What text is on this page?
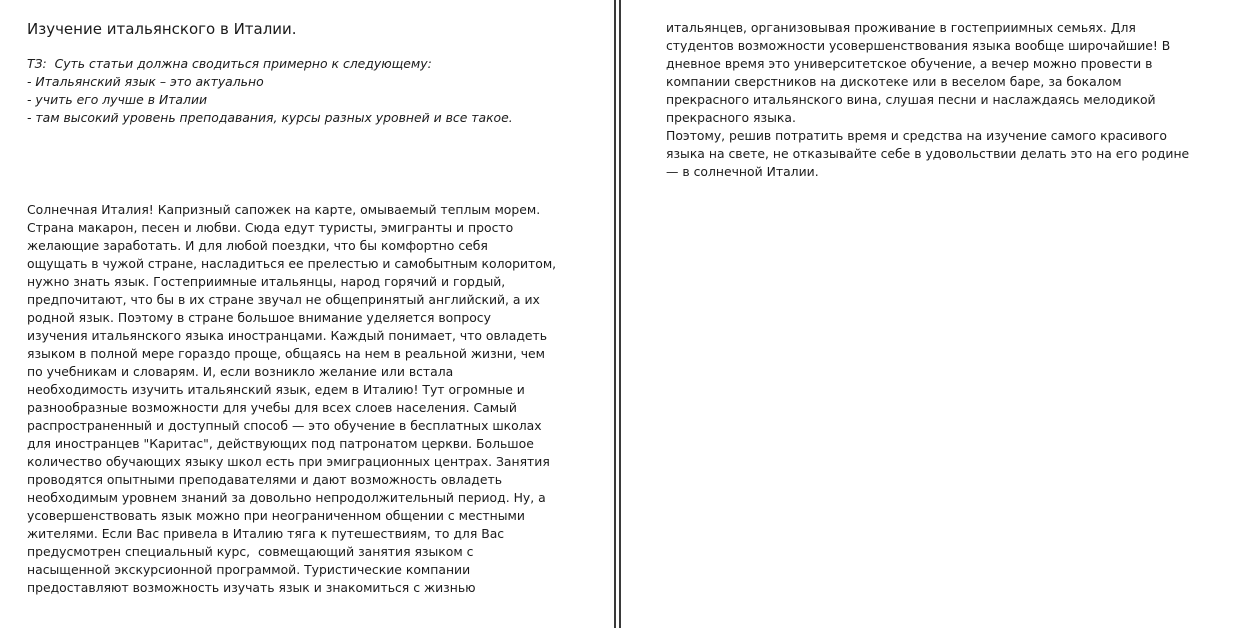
Изучение итальянского в Италии.
ТЗ:  Суть статьи должна сводиться примерно к следующему:
- Итальянский язык – это актуально
- учить его лучше в Италии
- там высокий уровень преподавания, курсы разных уровней и все такое.
Солнечная Италия! Капризный сапожек на карте, омываемый теплым морем.
Страна макарон, песен и любви. Сюда едут туристы, эмигранты и просто
желающие заработать. И для любой поездки, что бы комфортно себя
ощущать в чужой стране, насладиться ее прелестью и самобытным колоритом,
нужно знать язык. Гостеприимные итальянцы, народ горячий и гордый,
предпочитают, что бы в их стране звучал не общепринятый английский, а их
родной язык. Поэтому в стране большое внимание уделяется вопросу
изучения итальянского языка иностранцами. Каждый понимает, что овладеть
языком в полной мере гораздо проще, общаясь на нем в реальной жизни, чем
по учебникам и словарям. И, если возникло желание или встала
необходимость изучить итальянский язык, едем в Италию! Тут огромные и
разнообразные возможности для учебы для всех слоев населения. Самый
распространенный и доступный способ — это обучение в бесплатных школах
для иностранцев "Каритас", действующих под патронатом церкви. Большое
количество обучающих языку школ есть при эмиграционных центрах. Занятия
проводятся опытными преподавателями и дают возможность овладеть
необходимым уровнем знаний за довольно непродолжительный период. Ну, а
усовершенствовать язык можно при неограниченном общении с местными
жителями. Если Вас привела в Италию тяга к путешествиям, то для Вас
предусмотрен специальный курс,  совмещающий занятия языком с
насыщенной экскурсионной программой. Туристические компании
предоставляют возможность изучать язык и знакомиться с жизнью
итальянцев, организовывая проживание в гостеприимных семьях. Для
студентов возможности усовершенствования языка вообще широчайшие! В
дневное время это университетское обучение, а вечер можно провести в
компании сверстников на дискотеке или в веселом баре, за бокалом
прекрасного итальянского вина, слушая песни и наслаждаясь мелодикой
прекрасного языка.
Поэтому, решив потратить время и средства на изучение самого красивого
языка на свете, не отказывайте себе в удовольствии делать это на его родине
— в солнечной Италии.
